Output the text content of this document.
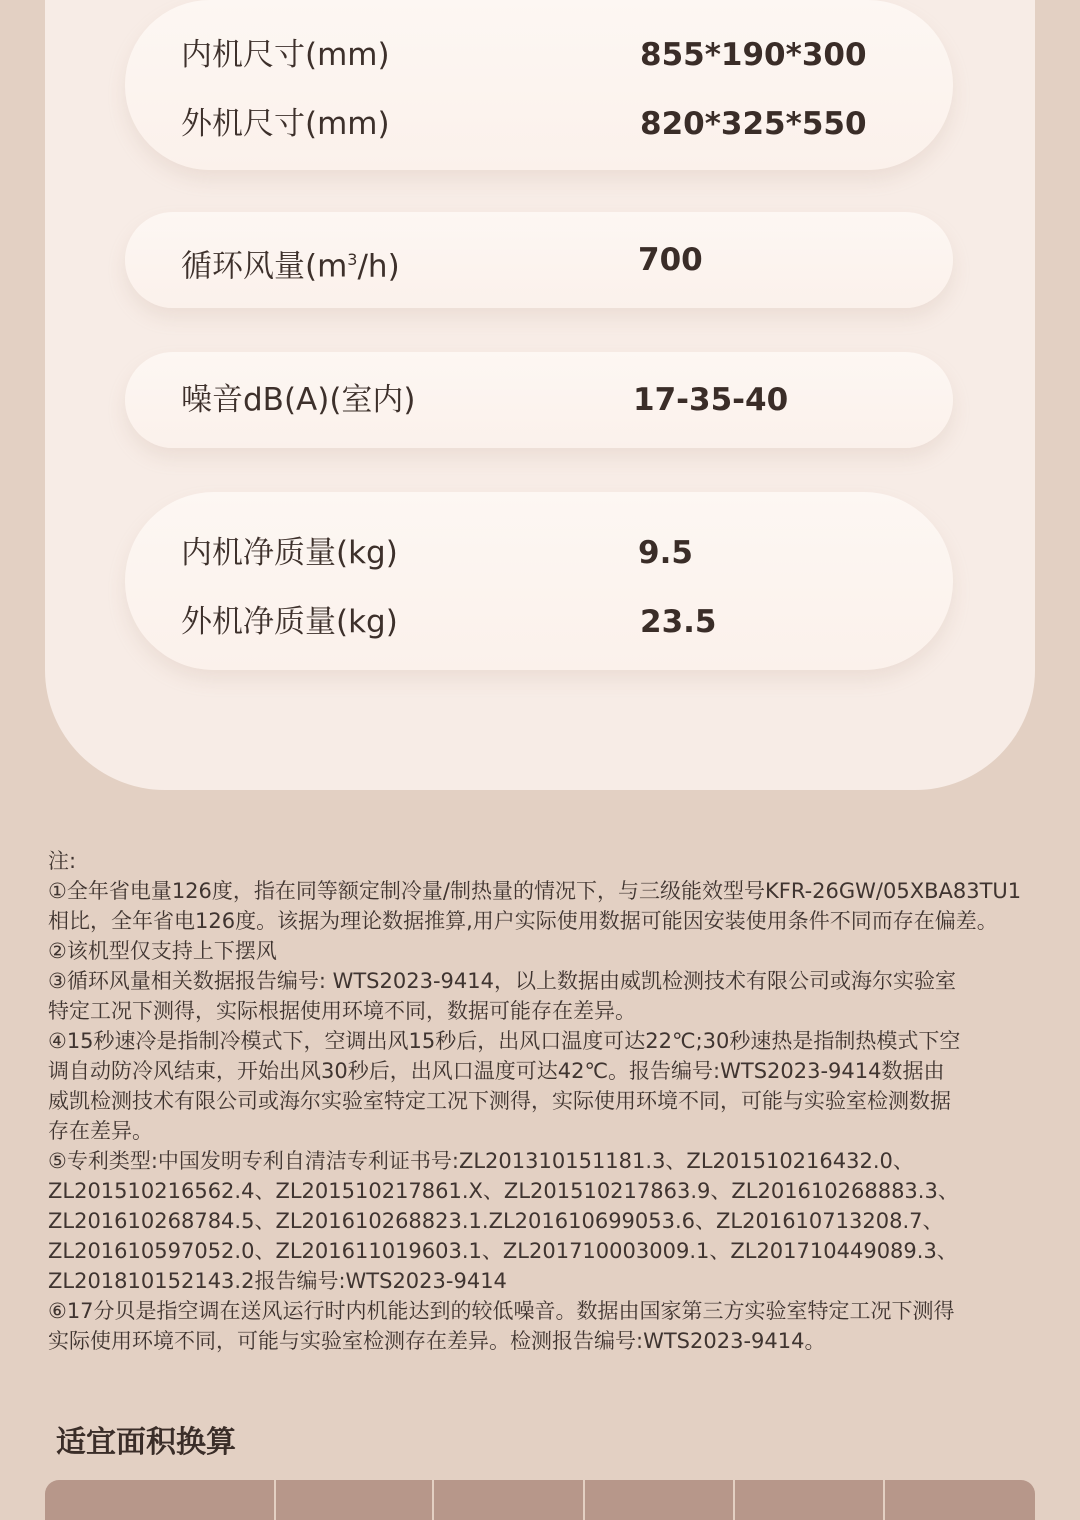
内机尺寸(mm)	855*190*300
外机尺寸(mm)	820*325*550
循环风量$(m^3/h)$	700
噪音dB(A)(室内)	17-35-40
内机净质量(kg)	9.5
外机净质量(kg)	23.5
注:
①全年省电量126度，指在同等额定制冷量/制热量的情况下，与三级能效型号KFR-26GW/05XBA83TU1
相比，全年省电126度。该据为理论数据推算,用户实际使用数据可能因安装使用条件不同而存在偏差。
②该机型仅支持上下摆风
③循环风量相关数据报告编号: WTS2023-9414，以上数据由威凯检测技术有限公司或海尔实验室
特定工况下测得，实际根据使用环境不同，数据可能存在差异。
④15秒速冷是指制冷模式下，空调出风15秒后，出风口温度可达22℃;30秒速热是指制热模式下空
调自动防冷风结束，开始出风30秒后，出风口温度可达42℃。报告编号:WTS2023-9414数据由
威凯检测技术有限公司或海尔实验室特定工况下测得，实际使用环境不同，可能与实验室检测数据
存在差异。
⑤专利类型:中国发明专利自清洁专利证书号:ZL201310151181.3、ZL201510216432.0、
ZL201510216562.4、ZL201510217861.X、ZL201510217863.9、ZL201610268883.3、
ZL201610268784.5、ZL201610268823.1.ZL201610699053.6、ZL201610713208.7、
ZL201610597052.0、ZL201611019603.1、ZL201710003009.1、ZL201710449089.3、
ZL201810152143.2报告编号:WTS2023-9414
⑥17分贝是指空调在送风运行时内机能达到的较低噪音。数据由国家第三方实验室特定工况下测得
实际使用环境不同，可能与实验室检测存在差异。检测报告编号:WTS2023-9414。
适宜面积换算
